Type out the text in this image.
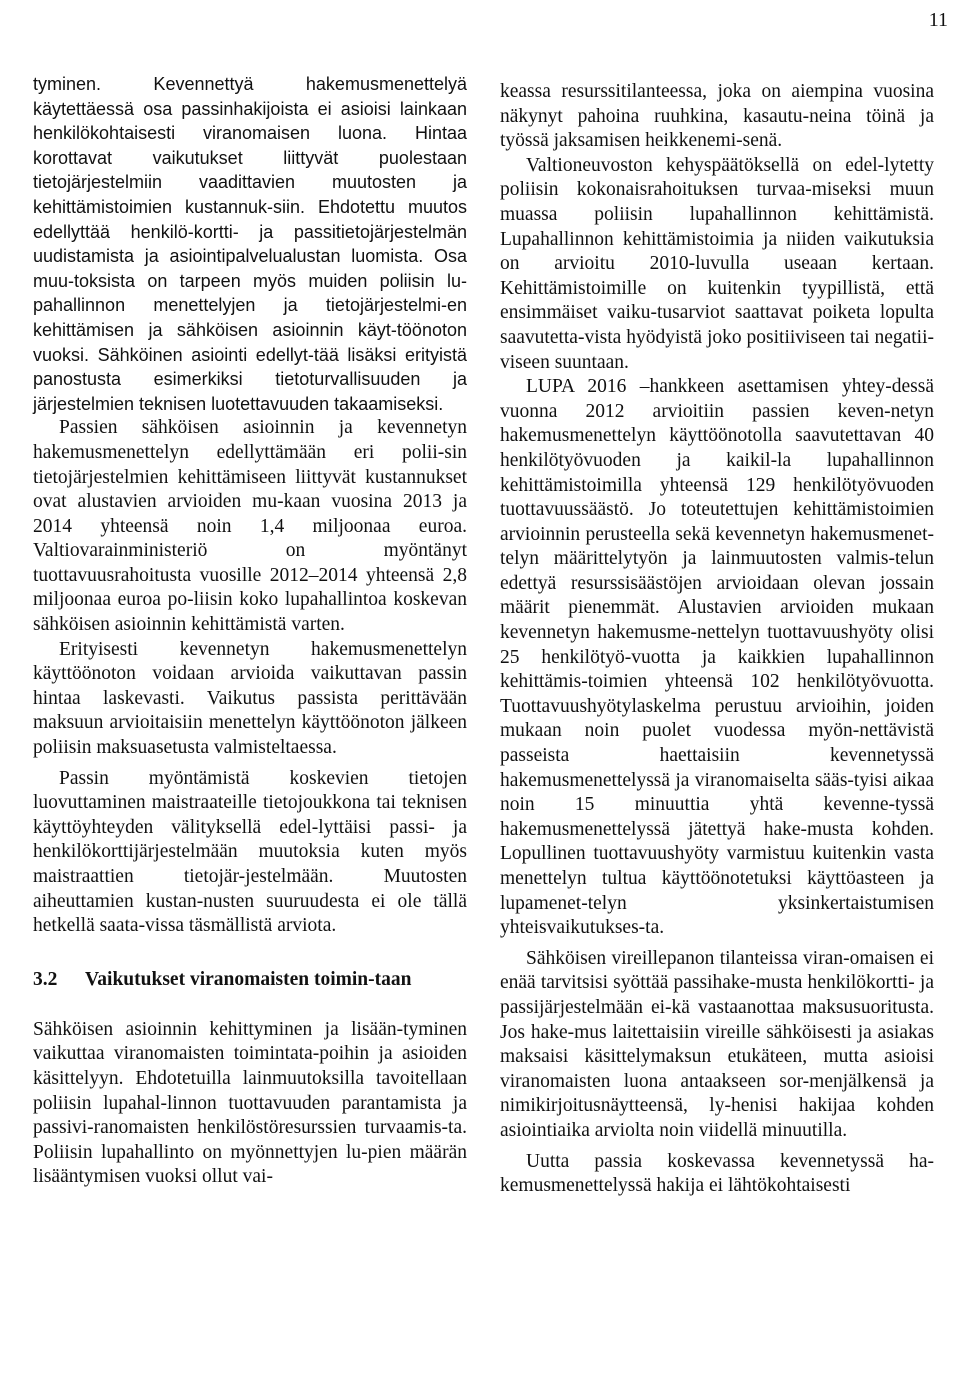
11

tyminen. Kevennettyä hakemusmenettelyä käytettäessä osa passinhakijoista ei asioisi lainkaan henkilökohtaisesti viranomaisen luona. Hintaa korottavat vaikutukset liittyvät puolestaan tietojärjestelmiin vaadittavien muutosten ja kehittämistoimien kustannuk-siin. Ehdotettu muutos edellyttää henkilö-kortti- ja passitietojärjestelmän uudistamista ja asiointipalvelualustan luomista. Osa muu-toksista on tarpeen myös muiden poliisin lu-pahallinnon menettelyjen ja tietojärjestelmi-en kehittämisen ja sähköisen asioinnin käyt-töönoton vuoksi. Sähköinen asiointi edellyt-tää lisäksi erityistä panostusta esimerkiksi tietoturvallisuuden ja järjestelmien teknisen luotettavuuden takaamiseksi.

Passien sähköisen asioinnin ja kevennetyn hakemusmenettelyn edellyttämään eri polii-sin tietojärjestelmien kehittämiseen liittyvät kustannukset ovat alustavien arvioiden mu-kaan vuosina 2013 ja 2014 yhteensä noin 1,4 miljoonaa euroa. Valtiovarainministeriö on myöntänyt tuottavuusrahoitusta vuosille 2012–2014 yhteensä 2,8 miljoonaa euroa po-liisin koko lupahallintoa koskevan sähköisen asioinnin kehittämistä varten.

Erityisesti kevennetyn hakemusmenettelyn käyttöönoton voidaan arvioida vaikuttavan passin hintaa laskevasti. Vaikutus passista perittävään maksuun arvioitaisiin menettelyn käyttöönoton jälkeen poliisin maksuasetusta valmisteltaessa.

Passin myöntämistä koskevien tietojen luovuttaminen maistraateille tietojoukkona tai teknisen käyttöyhteyden välityksellä edel-lyttäisi passi- ja henkilökorttijärjestelmään muutoksia kuten myös maistraattien tietojär-jestelmään. Muutosten aiheuttamien kustan-nusten suuruudesta ei ole tällä hetkellä saata-vissa täsmällistä arviota.

3.2	Vaikutukset viranomaisten toimin-taan

Sähköisen asioinnin kehittyminen ja lisään-tyminen vaikuttaa viranomaisten toimintata-poihin ja asioiden käsittelyyn. Ehdotetuilla lainmuutoksilla tavoitellaan poliisin lupahal-linnon tuottavuuden parantamista ja passivi-ranomaisten henkilöstöresurssien turvaamis-ta. Poliisin lupahallinto on myönnettyjen lu-pien määrän lisääntymisen vuoksi ollut vai-

keassa resurssitilanteessa, joka on aiempina vuosina näkynyt pahoina ruuhkina, kasautu-neina töinä ja työssä jaksamisen heikkenemi-senä.

Valtioneuvoston kehyspäätöksellä on edel-lytetty poliisin kokonaisrahoituksen turvaa-miseksi muun muassa poliisin lupahallinnon kehittämistä. Lupahallinnon kehittämistoimia ja niiden vaikutuksia on arvioitu 2010-luvulla useaan kertaan. Kehittämistoimille on kuitenkin tyypillistä, että ensimmäiset vaiku-tusarviot saattavat poiketa lopulta saavutetta-vista hyödyistä joko positiiviseen tai negatii-viseen suuntaan.

LUPA 2016 –hankkeen asettamisen yhtey-dessä vuonna 2012 arvioitiin passien keven-netyn hakemusmenettelyn käyttöönotolla saavutettavan 40 henkilötyövuoden ja kaikil-la lupahallinnon kehittämistoimilla yhteensä 129 henkilötyövuoden tuottavuussäästö. Jo toteutettujen kehittämistoimien arvioinnin perusteella sekä kevennetyn hakemusmenet-telyn määrittelytyön ja lainmuutosten valmis-telun edettyä resurssisäästöjen arvioidaan olevan jossain määrit pienemmät. Alustavien arvioiden mukaan kevennetyn hakemusme-nettelyn tuottavuushyöty olisi 25 henkilötyö-vuotta ja kaikkien lupahallinnon kehittämis-toimien yhteensä 102 henkilötyövuotta. Tuottavuushyötylaskelma perustuu arvioihin, joiden mukaan noin puolet vuodessa myön-nettävistä passeista haettaisiin kevennetyssä hakemusmenettelyssä ja viranomaiselta sääs-tyisi aikaa noin 15 minuuttia yhtä kevenne-tyssä hakemusmenettelyssä jätettyä hake-musta kohden. Lopullinen tuottavuushyöty varmistuu kuitenkin vasta menettelyn tultua käyttöönotetuksi käyttöasteen ja lupamenet-telyn yksinkertaistumisen yhteisvaikutukses-ta.

Sähköisen vireillepanon tilanteissa viran-omaisen ei enää tarvitsisi syöttää passihake-musta henkilökortti- ja passijärjestelmään ei-kä vastaanottaa maksusuoritusta. Jos hake-mus laitettaisiin vireille sähköisesti ja asiakas maksaisi käsittelymaksun etukäteen, mutta asioisi viranomaisten luona antaakseen sor-menjälkensä ja nimikirjoitusnäytteensä, ly-henisi hakijaa kohden asiointiaika arviolta noin viidellä minuutilla.

Uutta passia koskevassa kevennetyssä ha-kemusmenettelyssä hakija ei lähtökohtaisesti
